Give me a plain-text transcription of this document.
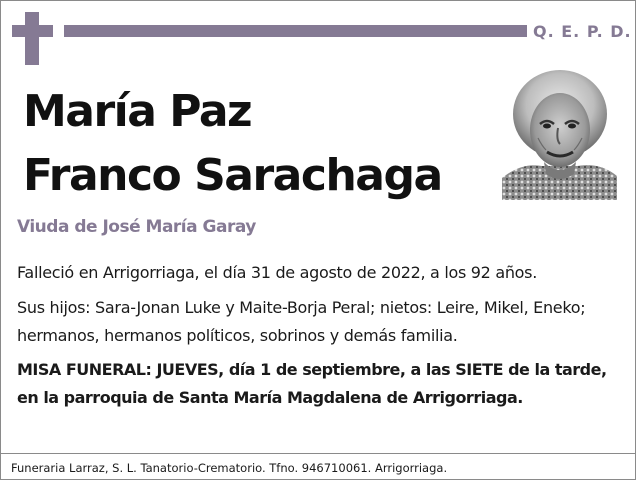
Q. E. P. D.
María Paz
Franco Sarachaga
Viuda de José María Garay
Falleció en Arrigorriaga, el día 31 de agosto de 2022, a los 92 años.
Sus hijos: Sara-Jonan Luke y Maite-Borja Peral; nietos: Leire, Mikel, Eneko; hermanos, hermanos políticos, sobrinos y demás familia.
MISA FUNERAL: JUEVES, día 1 de septiembre, a las SIETE de la tarde, en la parroquia de Santa María Magdalena de Arrigorriaga.
Funeraria Larraz, S. L. Tanatorio-Crematorio. Tfno. 946710061. Arrigorriaga.
